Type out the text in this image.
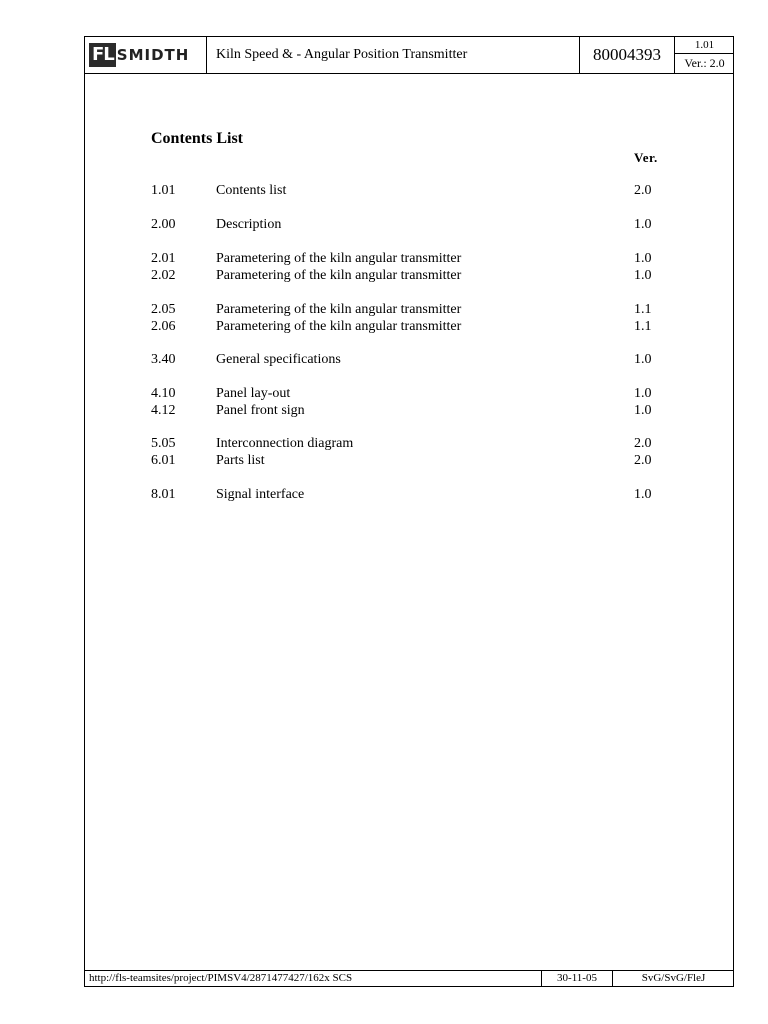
FL SMIDTH	Kiln Speed & - Angular Position Transmitter	80004393	1.01
Ver.: 2.0
Contents List
Ver.
1.01	Contents list	2.0
2.00	Description	1.0
2.01	Parametering of the kiln angular transmitter	1.0
2.02	Parametering of the kiln angular transmitter	1.0
2.05	Parametering of the kiln angular transmitter	1.1
2.06	Parametering of the kiln angular transmitter	1.1
3.40	General specifications	1.0
4.10	Panel lay-out	1.0
4.12	Panel front sign	1.0
5.05	Interconnection diagram	2.0
6.01	Parts list	2.0
8.01	Signal interface	1.0
http://fls-teamsites/project/PIMSV4/2871477427/162x SCS	30-11-05	SvG/SvG/FleJ
